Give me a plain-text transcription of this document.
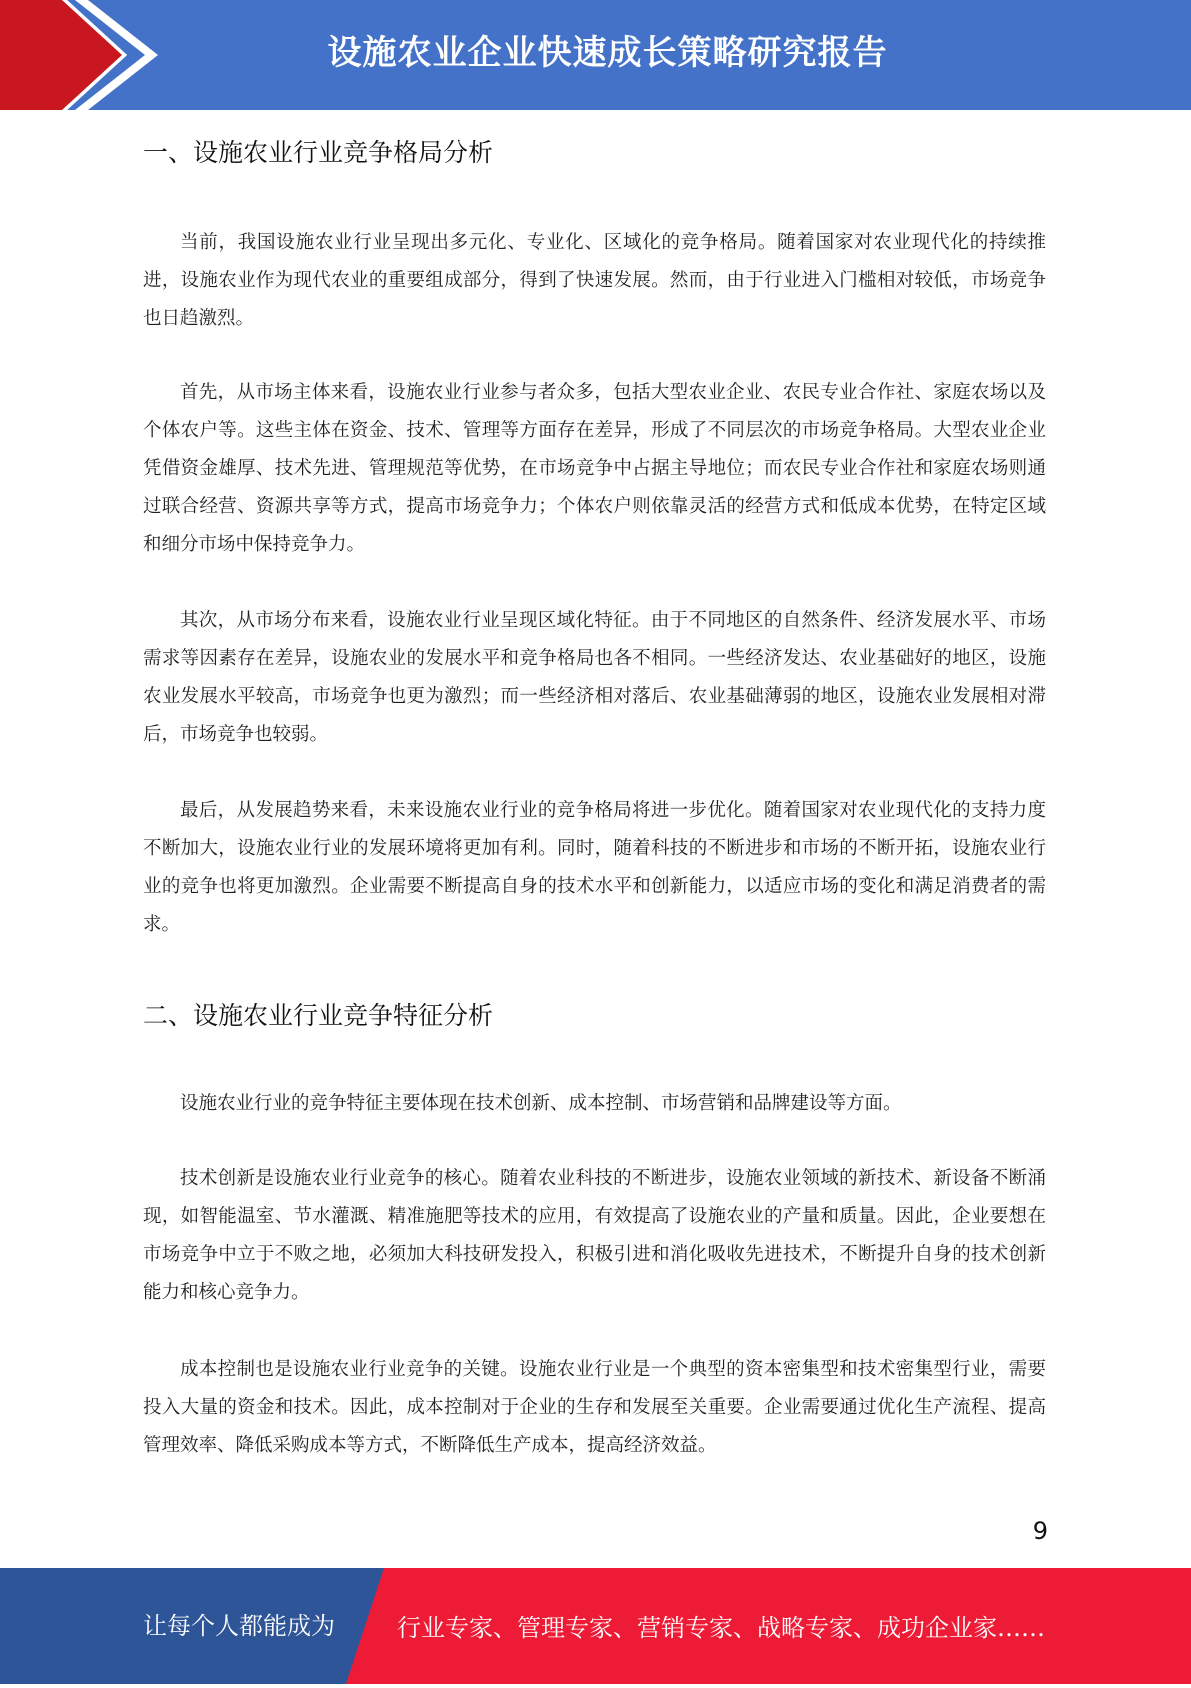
设施农业企业快速成长策略研究报告
一、设施农业行业竞争格局分析

当前，我国设施农业行业呈现出多元化、专业化、区域化的竞争格局。随着国家对农业现代化的持续推进，设施农业作为现代农业的重要组成部分，得到了快速发展。然而，由于行业进入门槛相对较低，市场竞争也日趋激烈。

首先，从市场主体来看，设施农业行业参与者众多，包括大型农业企业、农民专业合作社、家庭农场以及个体农户等。这些主体在资金、技术、管理等方面存在差异，形成了不同层次的市场竞争格局。大型农业企业凭借资金雄厚、技术先进、管理规范等优势，在市场竞争中占据主导地位；而农民专业合作社和家庭农场则通过联合经营、资源共享等方式，提高市场竞争力；个体农户则依靠灵活的经营方式和低成本优势，在特定区域和细分市场中保持竞争力。

其次，从市场分布来看，设施农业行业呈现区域化特征。由于不同地区的自然条件、经济发展水平、市场需求等因素存在差异，设施农业的发展水平和竞争格局也各不相同。一些经济发达、农业基础好的地区，设施农业发展水平较高，市场竞争也更为激烈；而一些经济相对落后、农业基础薄弱的地区，设施农业发展相对滞后，市场竞争也较弱。

最后，从发展趋势来看，未来设施农业行业的竞争格局将进一步优化。随着国家对农业现代化的支持力度不断加大，设施农业行业的发展环境将更加有利。同时，随着科技的不断进步和市场的不断开拓，设施农业行业的竞争也将更加激烈。企业需要不断提高自身的技术水平和创新能力，以适应市场的变化和满足消费者的需求。

二、设施农业行业竞争特征分析

设施农业行业的竞争特征主要体现在技术创新、成本控制、市场营销和品牌建设等方面。

技术创新是设施农业行业竞争的核心。随着农业科技的不断进步，设施农业领域的新技术、新设备不断涌现，如智能温室、节水灌溉、精准施肥等技术的应用，有效提高了设施农业的产量和质量。因此，企业要想在市场竞争中立于不败之地，必须加大科技研发投入，积极引进和消化吸收先进技术，不断提升自身的技术创新能力和核心竞争力。

成本控制也是设施农业行业竞争的关键。设施农业行业是一个典型的资本密集型和技术密集型行业，需要投入大量的资金和技术。因此，成本控制对于企业的生存和发展至关重要。企业需要通过优化生产流程、提高管理效率、降低采购成本等方式，不断降低生产成本，提高经济效益。

9
让每个人都能成为	行业专家、管理专家、营销专家、战略专家、成功企业家……
